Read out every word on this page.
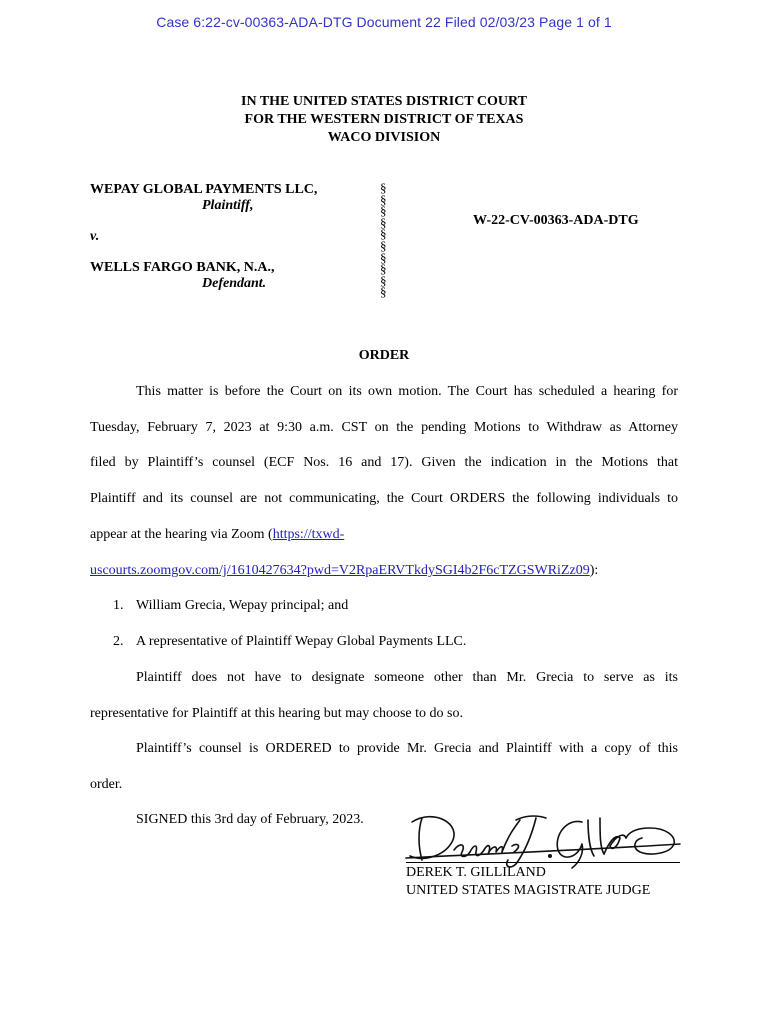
Case 6:22-cv-00363-ADA-DTG Document 22 Filed 02/03/23 Page 1 of 1
IN THE UNITED STATES DISTRICT COURT
FOR THE WESTERN DISTRICT OF TEXAS
WACO DIVISION
WEPAY GLOBAL PAYMENTS LLC,
Plaintiff,
v.
WELLS FARGO BANK, N.A.,
Defendant.
§
§
§
§
§
§
§
§
§
§
W-22-CV-00363-ADA-DTG
ORDER
This matter is before the Court on its own motion. The Court has scheduled a hearing for
Tuesday, February 7, 2023 at 9:30 a.m. CST on the pending Motions to Withdraw as Attorney
filed by Plaintiff’s counsel (ECF Nos. 16 and 17). Given the indication in the Motions that
Plaintiff and its counsel are not communicating, the Court ORDERS the following individuals to
appear at the hearing via Zoom (https://txwd-
uscourts.zoomgov.com/j/1610427634?pwd=V2RpaERVTkdySGI4b2F6cTZGSWRiZz09):
1. William Grecia, Wepay principal; and
2. A representative of Plaintiff Wepay Global Payments LLC.
Plaintiff does not have to designate someone other than Mr. Grecia to serve as its
representative for Plaintiff at this hearing but may choose to do so.
Plaintiff’s counsel is ORDERED to provide Mr. Grecia and Plaintiff with a copy of this
order.
SIGNED this 3rd day of February, 2023.
DEREK T. GILLILAND
UNITED STATES MAGISTRATE JUDGE
